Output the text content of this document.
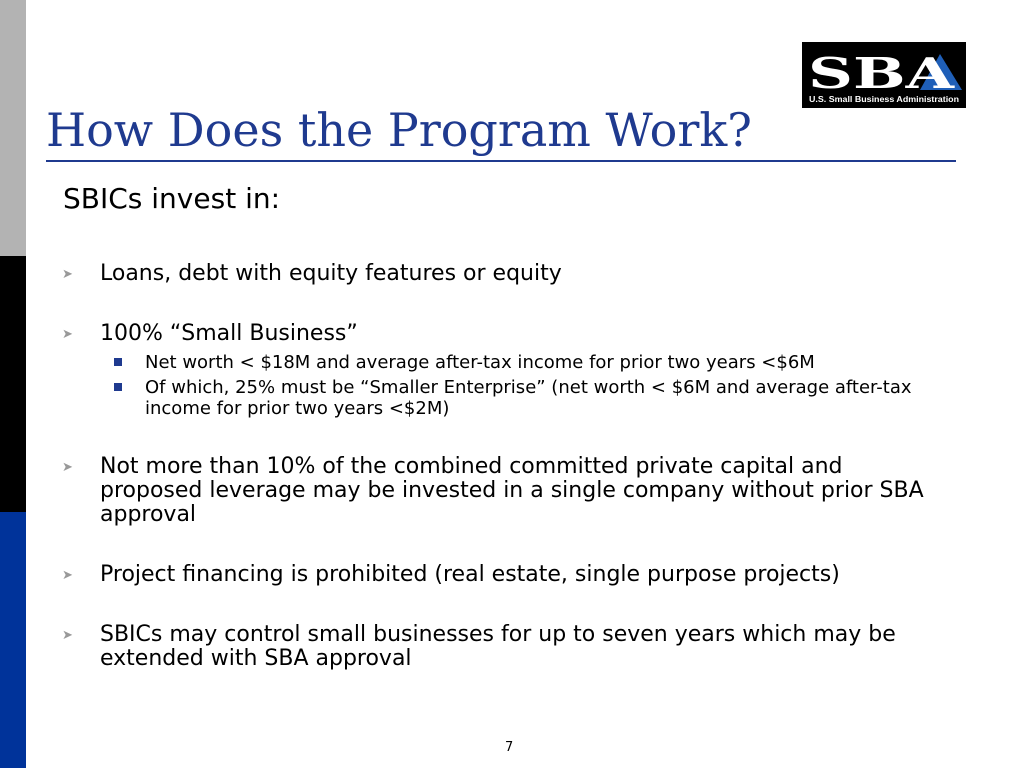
SBA
U.S. Small Business Administration
How Does the Program Work?
SBICs invest in:
➤ Loans, debt with equity features or equity
➤ 100% “Small Business”
Net worth < $18M and average after-tax income for prior two years <$6M
Of which, 25% must be “Smaller Enterprise” (net worth < $6M and average after-tax income for prior two years <$2M)
➤ Not more than 10% of the combined committed private capital and proposed leverage may be invested in a single company without prior SBA approval
➤ Project financing is prohibited (real estate, single purpose projects)
➤ SBICs may control small businesses for up to seven years which may be extended with SBA approval
7
